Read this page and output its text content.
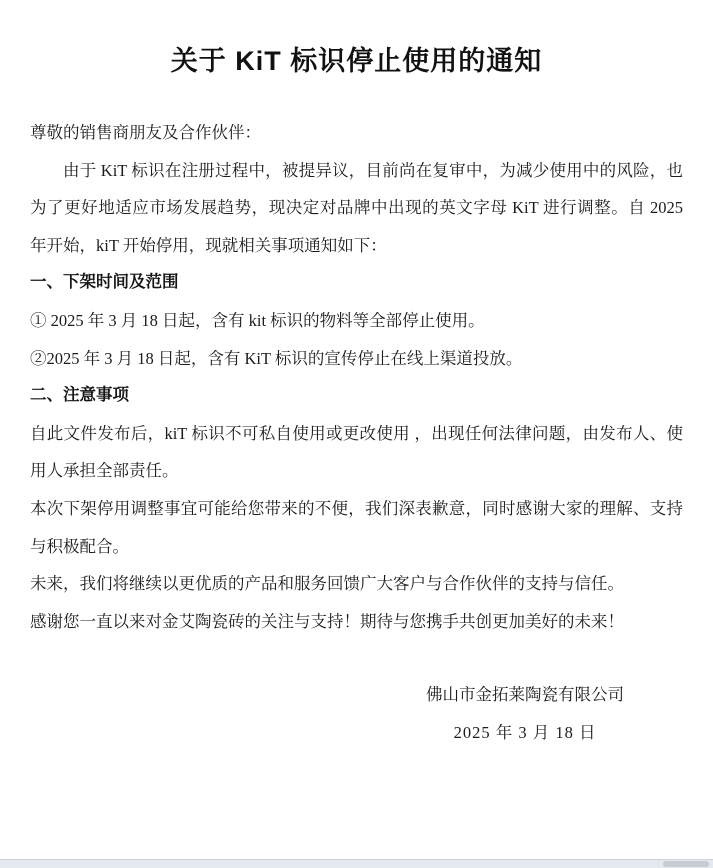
关于 KiT 标识停止使用的通知

尊敬的销售商朋友及合作伙伴：

由于 KiT 标识在注册过程中，被提异议，目前尚在复审中，为减少使用中的风险，也为了更好地适应市场发展趋势，现决定对品牌中出现的英文字母 KiT 进行调整。自 2025 年开始，kiT 开始停用，现就相关事项通知如下：

一、下架时间及范围

① 2025 年 3 月 18 日起，含有 kit 标识的物料等全部停止使用。

②2025 年 3 月 18 日起，含有 KiT 标识的宣传停止在线上渠道投放。

二、注意事项

自此文件发布后，kiT 标识不可私自使用或更改使用 ，出现任何法律问题，由发布人、使用人承担全部责任。

本次下架停用调整事宜可能给您带来的不便，我们深表歉意，同时感谢大家的理解、支持与积极配合。

未来，我们将继续以更优质的产品和服务回馈广大客户与合作伙伴的支持与信任。

感谢您一直以来对金艾陶瓷砖的关注与支持！期待与您携手共创更加美好的未来！

佛山市金拓莱陶瓷有限公司

2025 年 3 月 18 日
